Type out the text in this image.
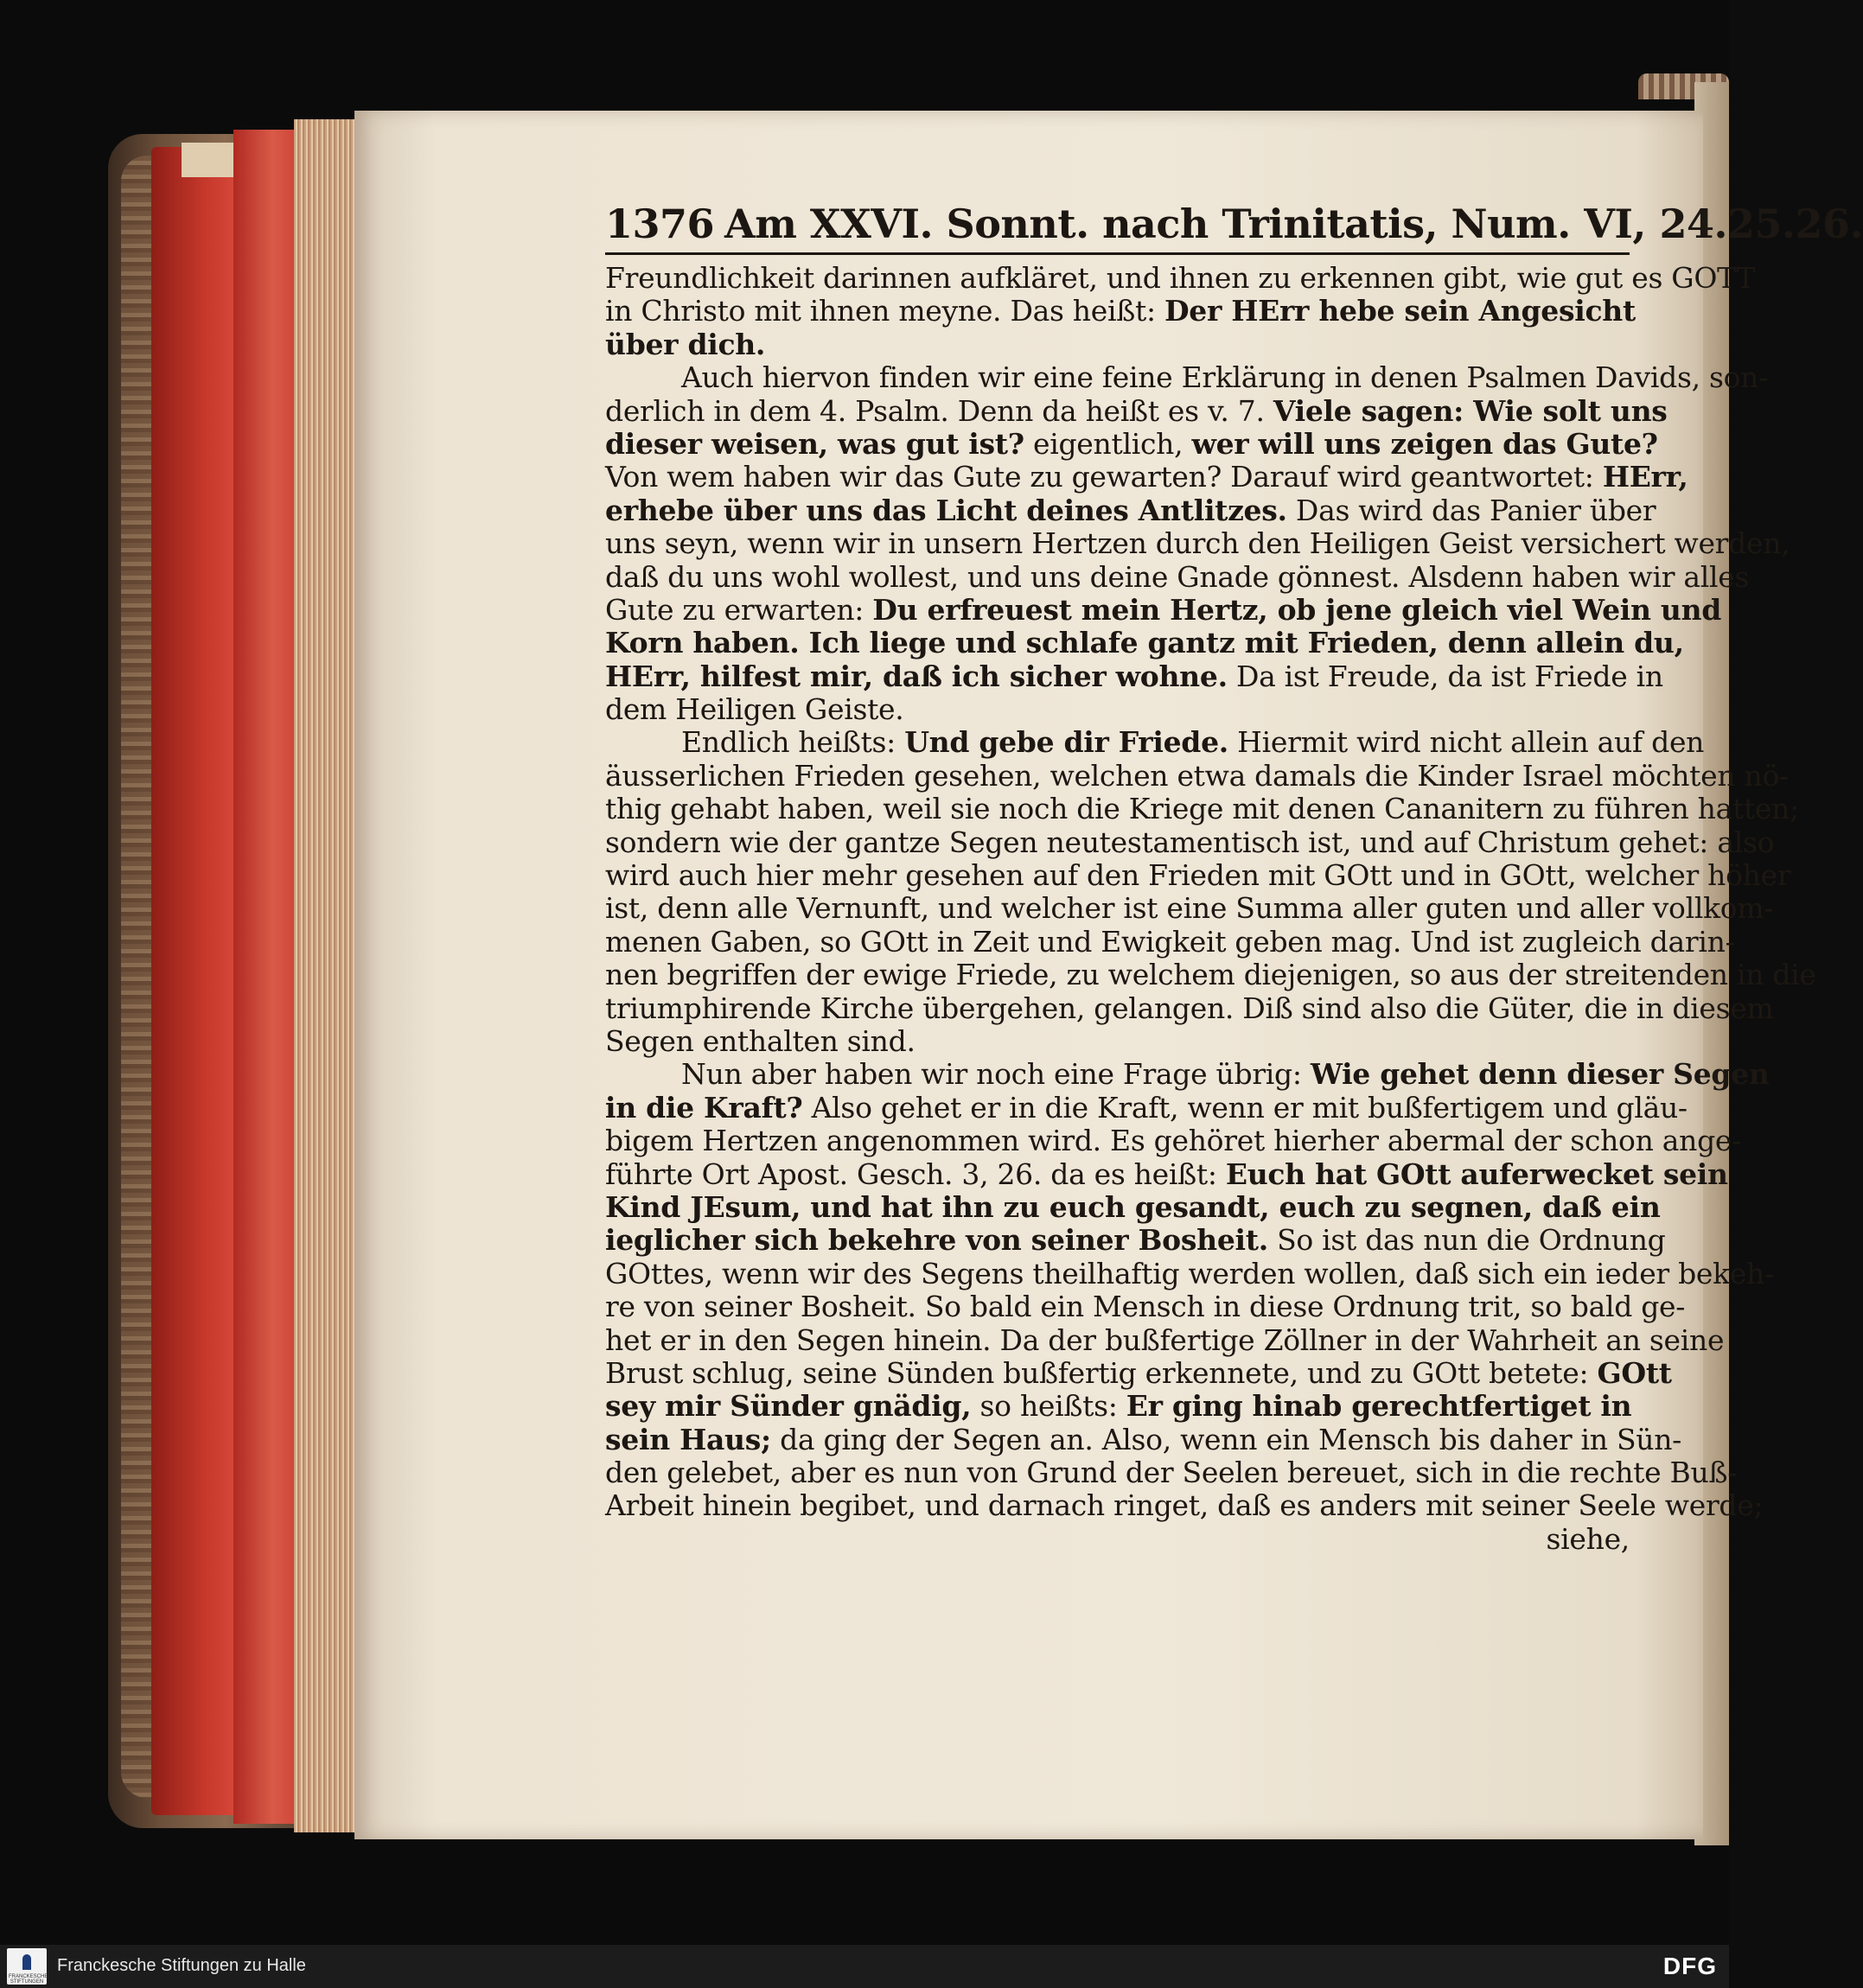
1376 Am XXVI. Sonnt. nach Trinitatis, Num. VI, 24.25.26.
Freundlichkeit darinnen aufkläret, und ihnen zu erkennen gibt, wie gut es GOTT
in Christo mit ihnen meyne. Das heißt: Der HErr hebe sein Angesicht
über dich.
Auch hiervon finden wir eine feine Erklärung in denen Psalmen Davids, son-
derlich in dem 4. Psalm. Denn da heißt es v. 7. Viele sagen: Wie solt uns
dieser weisen, was gut ist? eigentlich, wer will uns zeigen das Gute?
Von wem haben wir das Gute zu gewarten? Darauf wird geantwortet: HErr,
erhebe über uns das Licht deines Antlitzes. Das wird das Panier über
uns seyn, wenn wir in unsern Hertzen durch den Heiligen Geist versichert werden,
daß du uns wohl wollest, und uns deine Gnade gönnest. Alsdenn haben wir alles
Gute zu erwarten: Du erfreuest mein Hertz, ob jene gleich viel Wein und
Korn haben. Ich liege und schlafe gantz mit Frieden, denn allein du,
HErr, hilfest mir, daß ich sicher wohne. Da ist Freude, da ist Friede in
dem Heiligen Geiste.
Endlich heißts: Und gebe dir Friede. Hiermit wird nicht allein auf den
äusserlichen Frieden gesehen, welchen etwa damals die Kinder Israel möchten nö-
thig gehabt haben, weil sie noch die Kriege mit denen Cananitern zu führen hatten;
sondern wie der gantze Segen neutestamentisch ist, und auf Christum gehet: also
wird auch hier mehr gesehen auf den Frieden mit GOtt und in GOtt, welcher höher
ist, denn alle Vernunft, und welcher ist eine Summa aller guten und aller vollkom-
menen Gaben, so GOtt in Zeit und Ewigkeit geben mag. Und ist zugleich darin-
nen begriffen der ewige Friede, zu welchem diejenigen, so aus der streitenden in die
triumphirende Kirche übergehen, gelangen. Diß sind also die Güter, die in diesem
Segen enthalten sind.
Nun aber haben wir noch eine Frage übrig: Wie gehet denn dieser Segen
in die Kraft? Also gehet er in die Kraft, wenn er mit bußfertigem und gläu-
bigem Hertzen angenommen wird. Es gehöret hierher abermal der schon ange-
führte Ort Apost. Gesch. 3, 26. da es heißt: Euch hat GOtt auferwecket sein
Kind JEsum, und hat ihn zu euch gesandt, euch zu segnen, daß ein
ieglicher sich bekehre von seiner Bosheit. So ist das nun die Ordnung
GOttes, wenn wir des Segens theilhaftig werden wollen, daß sich ein ieder bekeh-
re von seiner Bosheit. So bald ein Mensch in diese Ordnung trit, so bald ge-
het er in den Segen hinein. Da der bußfertige Zöllner in der Wahrheit an seine
Brust schlug, seine Sünden bußfertig erkennete, und zu GOtt betete: GOtt
sey mir Sünder gnädig, so heißts: Er ging hinab gerechtfertiget in
sein Haus; da ging der Segen an. Also, wenn ein Mensch bis daher in Sün-
den gelebet, aber es nun von Grund der Seelen bereuet, sich in die rechte Buß-
Arbeit hinein begibet, und darnach ringet, daß es anders mit seiner Seele werde;
siehe,
FRANCKESCHE STIFTUNGEN
Franckesche Stiftungen zu Halle	DFG
